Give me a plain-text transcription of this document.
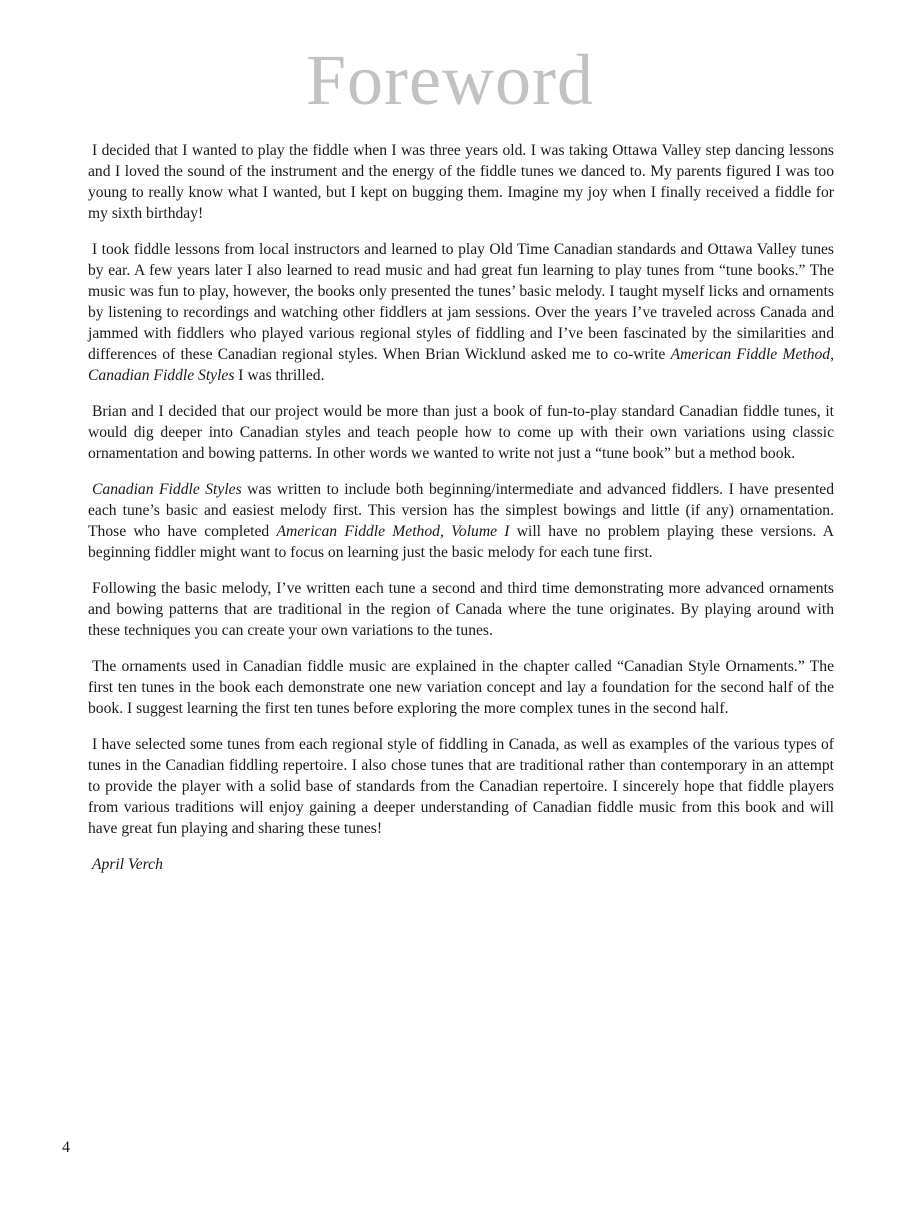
Foreword

I decided that I wanted to play the fiddle when I was three years old. I was taking Ottawa Valley step dancing lessons and I loved the sound of the instrument and the energy of the fiddle tunes we danced to. My parents figured I was too young to really know what I wanted, but I kept on bugging them. Imagine my joy when I finally received a fiddle for my sixth birthday!

I took fiddle lessons from local instructors and learned to play Old Time Canadian standards and Ottawa Valley tunes by ear. A few years later I also learned to read music and had great fun learning to play tunes from “tune books.” The music was fun to play, however, the books only presented the tunes’ basic melody. I taught myself licks and ornaments by listening to recordings and watching other fiddlers at jam sessions. Over the years I’ve traveled across Canada and jammed with fiddlers who played various regional styles of fiddling and I’ve been fascinated by the similarities and differences of these Canadian regional styles. When Brian Wicklund asked me to co-write American Fiddle Method, Canadian Fiddle Styles I was thrilled.

Brian and I decided that our project would be more than just a book of fun-to-play standard Canadian fiddle tunes, it would dig deeper into Canadian styles and teach people how to come up with their own variations using classic ornamentation and bowing patterns. In other words we wanted to write not just a “tune book” but a method book.

Canadian Fiddle Styles was written to include both beginning/intermediate and advanced fiddlers. I have presented each tune’s basic and easiest melody first. This version has the simplest bowings and little (if any) ornamentation. Those who have completed American Fiddle Method, Volume I will have no problem playing these versions. A beginning fiddler might want to focus on learning just the basic melody for each tune first.

Following the basic melody, I’ve written each tune a second and third time demonstrating more advanced ornaments and bowing patterns that are traditional in the region of Canada where the tune originates. By playing around with these techniques you can create your own variations to the tunes.

The ornaments used in Canadian fiddle music are explained in the chapter called “Canadian Style Ornaments.” The first ten tunes in the book each demonstrate one new variation concept and lay a foundation for the second half of the book. I suggest learning the first ten tunes before exploring the more complex tunes in the second half.

I have selected some tunes from each regional style of fiddling in Canada, as well as examples of the various types of tunes in the Canadian fiddling repertoire. I also chose tunes that are traditional rather than contemporary in an attempt to provide the player with a solid base of standards from the Canadian repertoire. I sincerely hope that fiddle players from various traditions will enjoy gaining a deeper understanding of Canadian fiddle music from this book and will have great fun playing and sharing these tunes!

April Verch

4
